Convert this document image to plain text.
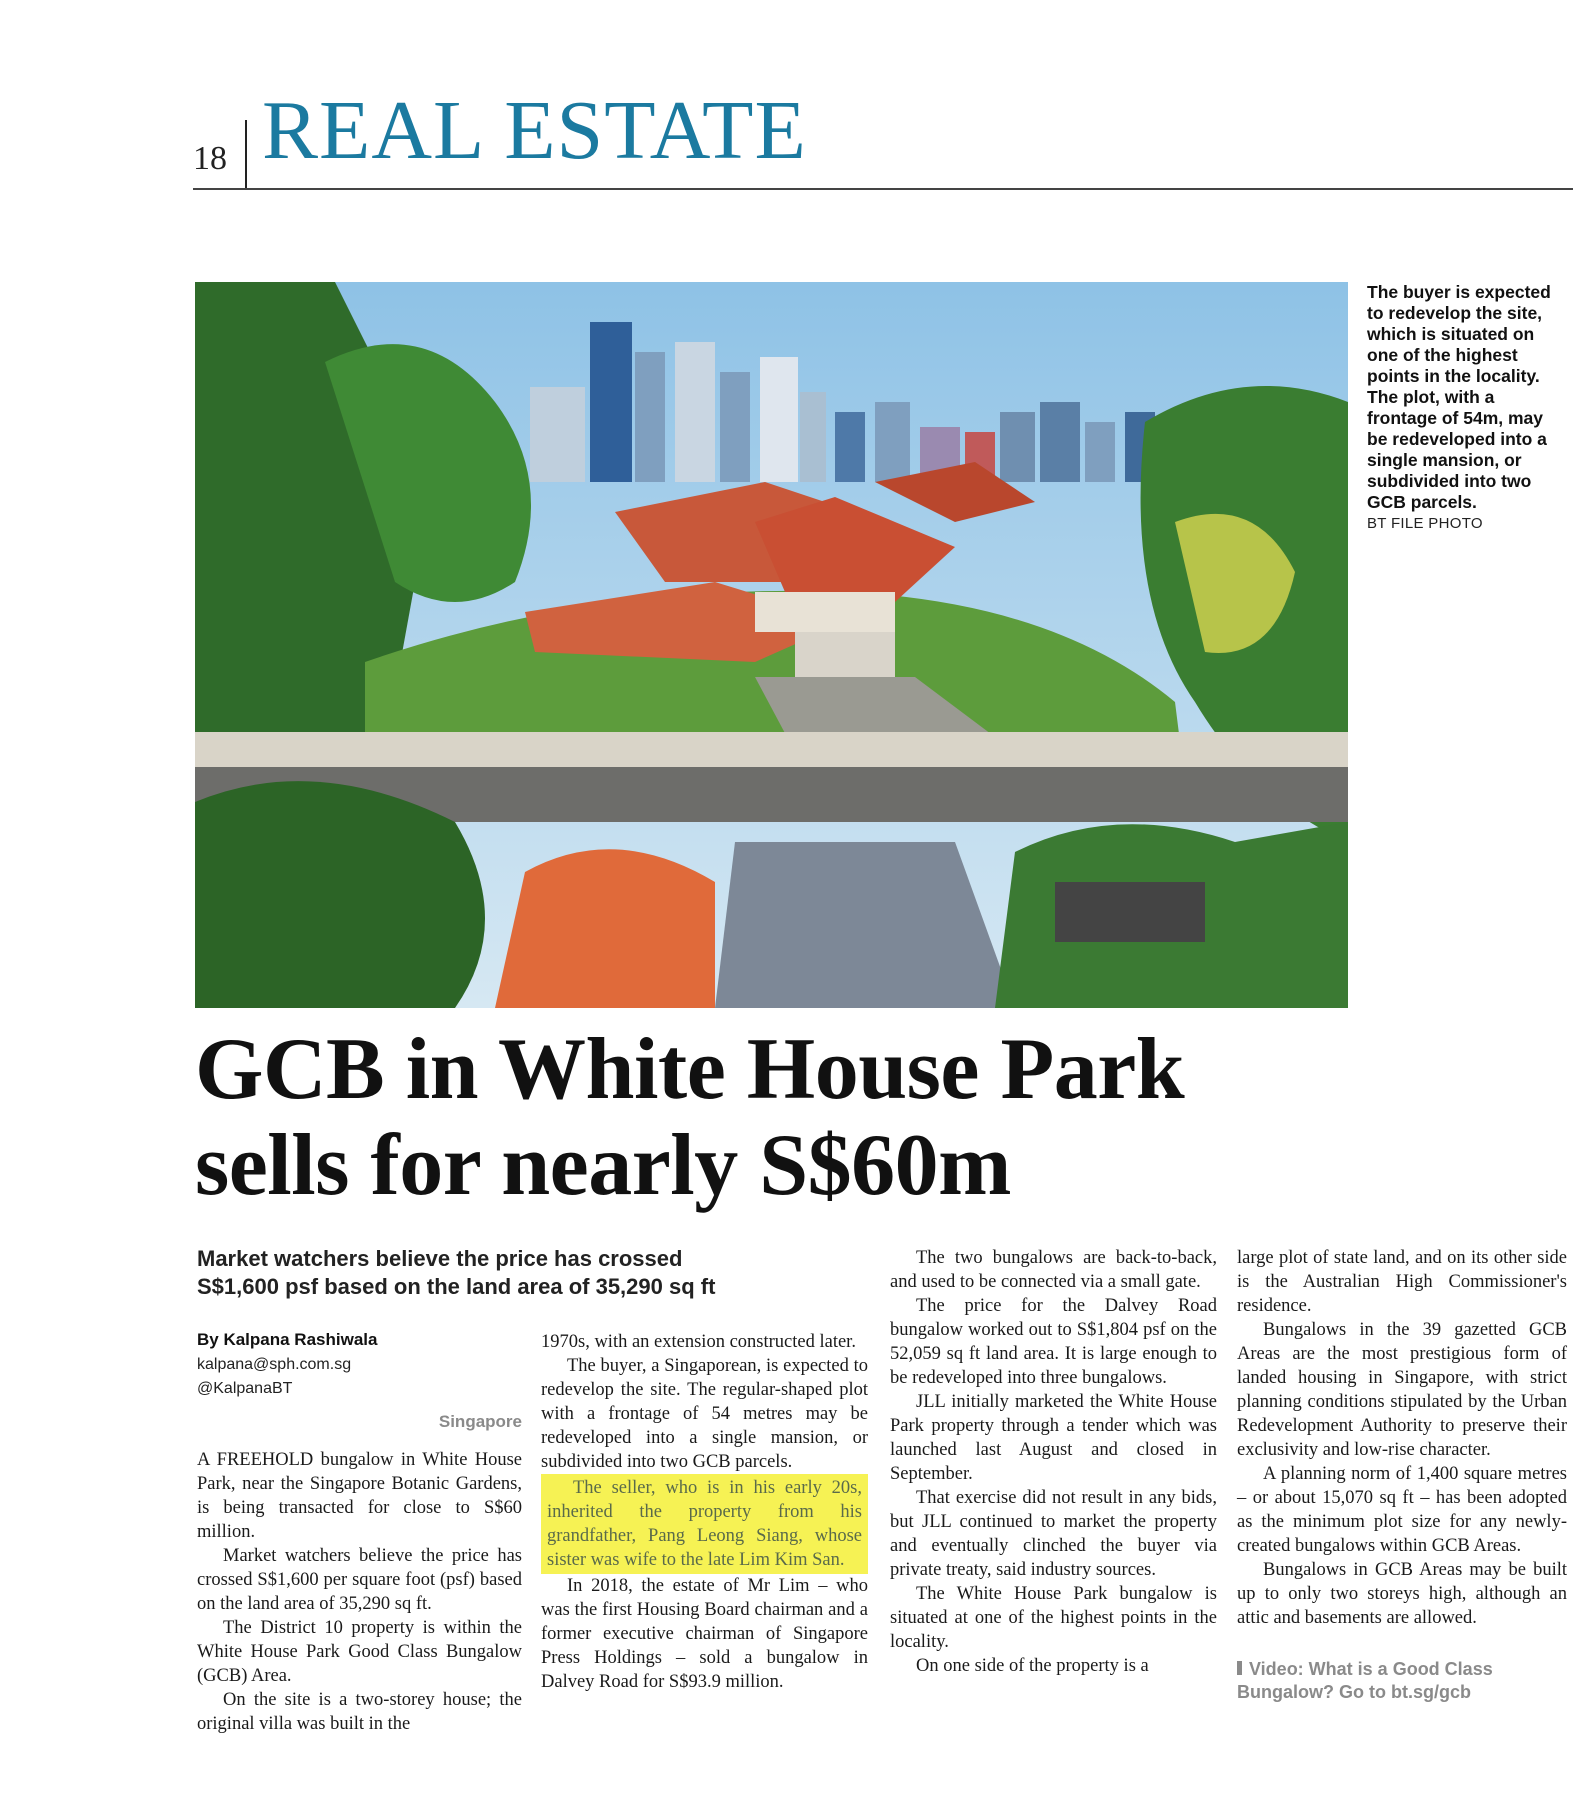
18 REAL ESTATE
The buyer is expected to redevelop the site, which is situated on one of the highest points in the locality. The plot, with a frontage of 54m, may be redeveloped into a single mansion, or subdivided into two GCB parcels.
BT FILE PHOTO
GCB in White House Park
sells for nearly S$60m
Market watchers believe the price has crossed
S$1,600 psf based on the land area of 35,290 sq ft
By Kalpana Rashiwala
kalpana@sph.com.sg
@KalpanaBT
Singapore

A FREEHOLD bungalow in White House Park, near the Singapore Botanic Gardens, is being transacted for close to S$60 million.

Market watchers believe the price has crossed S$1,600 per square foot (psf) based on the land area of 35,290 sq ft.

The District 10 property is within the White House Park Good Class Bungalow (GCB) Area.

On the site is a two-storey house; the original villa was built in the

1970s, with an extension constructed later.

The buyer, a Singaporean, is expected to redevelop the site. The regular-shaped plot with a frontage of 54 metres may be redeveloped into a single mansion, or subdivided into two GCB parcels.

The seller, who is in his early 20s, inherited the property from his grandfather, Pang Leong Siang, whose sister was wife to the late Lim Kim San.

In 2018, the estate of Mr Lim – who was the first Housing Board chairman and a former executive chairman of Singapore Press Holdings – sold a bungalow in Dalvey Road for S$93.9 million.

The two bungalows are back-to-back, and used to be connected via a small gate.

The price for the Dalvey Road bungalow worked out to S$1,804 psf on the 52,059 sq ft land area. It is large enough to be redeveloped into three bungalows.

JLL initially marketed the White House Park property through a tender which was launched last August and closed in September.

That exercise did not result in any bids, but JLL continued to market the property and eventually clinched the buyer via private treaty, said industry sources.

The White House Park bungalow is situated at one of the highest points in the locality.

On one side of the property is a

large plot of state land, and on its other side is the Australian High Commissioner's residence.

Bungalows in the 39 gazetted GCB Areas are the most prestigious form of landed housing in Singapore, with strict planning conditions stipulated by the Urban Redevelopment Authority to preserve their exclusivity and low-rise character.

A planning norm of 1,400 square metres – or about 15,070 sq ft – has been adopted as the minimum plot size for any newly-created bungalows within GCB Areas.

Bungalows in GCB Areas may be built up to only two storeys high, although an attic and basements are allowed.

Video: What is a Good Class Bungalow? Go to bt.sg/gcb
